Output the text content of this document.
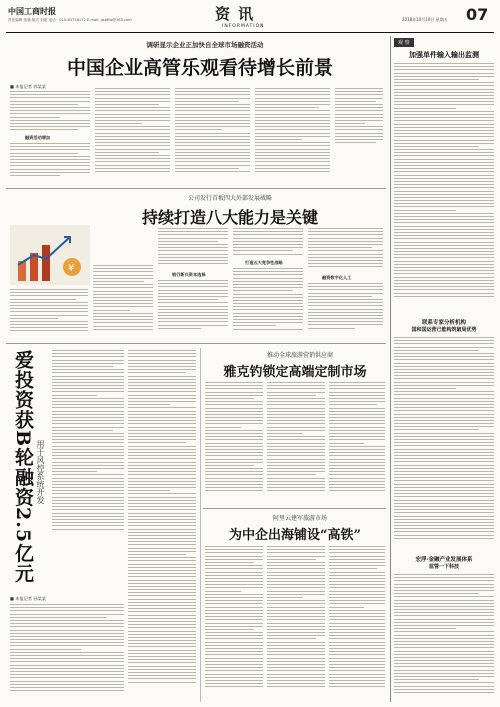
中国工商时报
责任编辑 张晓 版式 刘建 电话：010-83728172 E-mail: gsbfbs@163.com	资讯
INFORMATION
2018年10月19日 星期五 07
调研显示企业正加快自全球市场融资活动
中国企业高管乐观看待增长前景
■ 本报记者 郭某某
融资活动增加
公司发行首板四大外部发展战略
持续打造八大能力是关键
¥
银行新兴资本选择
打造五大竞争性战略
融资数字化人工
爱投资获B轮融资2.5亿元 用于风控系统开发
■ 本报记者 孙某某
推动全球旅游营销供应商
雅克钓锁定高端定制市场
阿里云建军旅游市场
为中企出海铺设“高铁”
观 察
加强单件输入输出监测
联系专家分析机构
国和国运营已能构筑破局优势
宏浮·金融产业发展体系
监管一下科技
